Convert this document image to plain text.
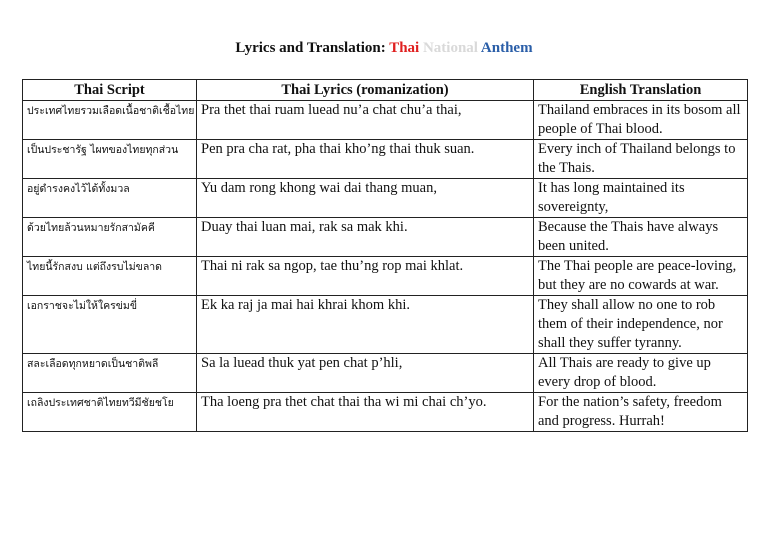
Lyrics and Translation: Thai National Anthem
Thai Script	Thai Lyrics (romanization)	English Translation
ประเทศไทยรวมเลือดเนื้อชาติเชื้อไทย	Pra thet thai ruam luead nu’a chat chu’a thai,	Thailand embraces in its bosom all people of Thai blood.
เป็นประชารัฐ ไผทของไทยทุกส่วน	Pen pra cha rat, pha thai kho’ng thai thuk suan.	Every inch of Thailand belongs to the Thais.
อยู่ดำรงคงไว้ได้ทั้งมวล	Yu dam rong khong wai dai thang muan,	It has long maintained its sovereignty,
ด้วยไทยล้วนหมายรักสามัคคี	Duay thai luan mai, rak sa mak khi.	Because the Thais have always been united.
ไทยนี้รักสงบ แต่ถึงรบไม่ขลาด	Thai ni rak sa ngop, tae thu’ng rop mai khlat.	The Thai people are peace-loving, but they are no cowards at war.
เอกราชจะไม่ให้ใครข่มขี่	Ek ka raj ja mai hai khrai khom khi.	They shall allow no one to rob them of their independence, nor shall they suffer tyranny.
สละเลือดทุกหยาดเป็นชาติพลี	Sa la luead thuk yat pen chat p’hli,	All Thais are ready to give up every drop of blood.
เถลิงประเทศชาติไทยทวีมีชัยชโย	Tha loeng pra thet chat thai tha wi mi chai ch’yo.	For the nation’s safety, freedom and progress. Hurrah!
